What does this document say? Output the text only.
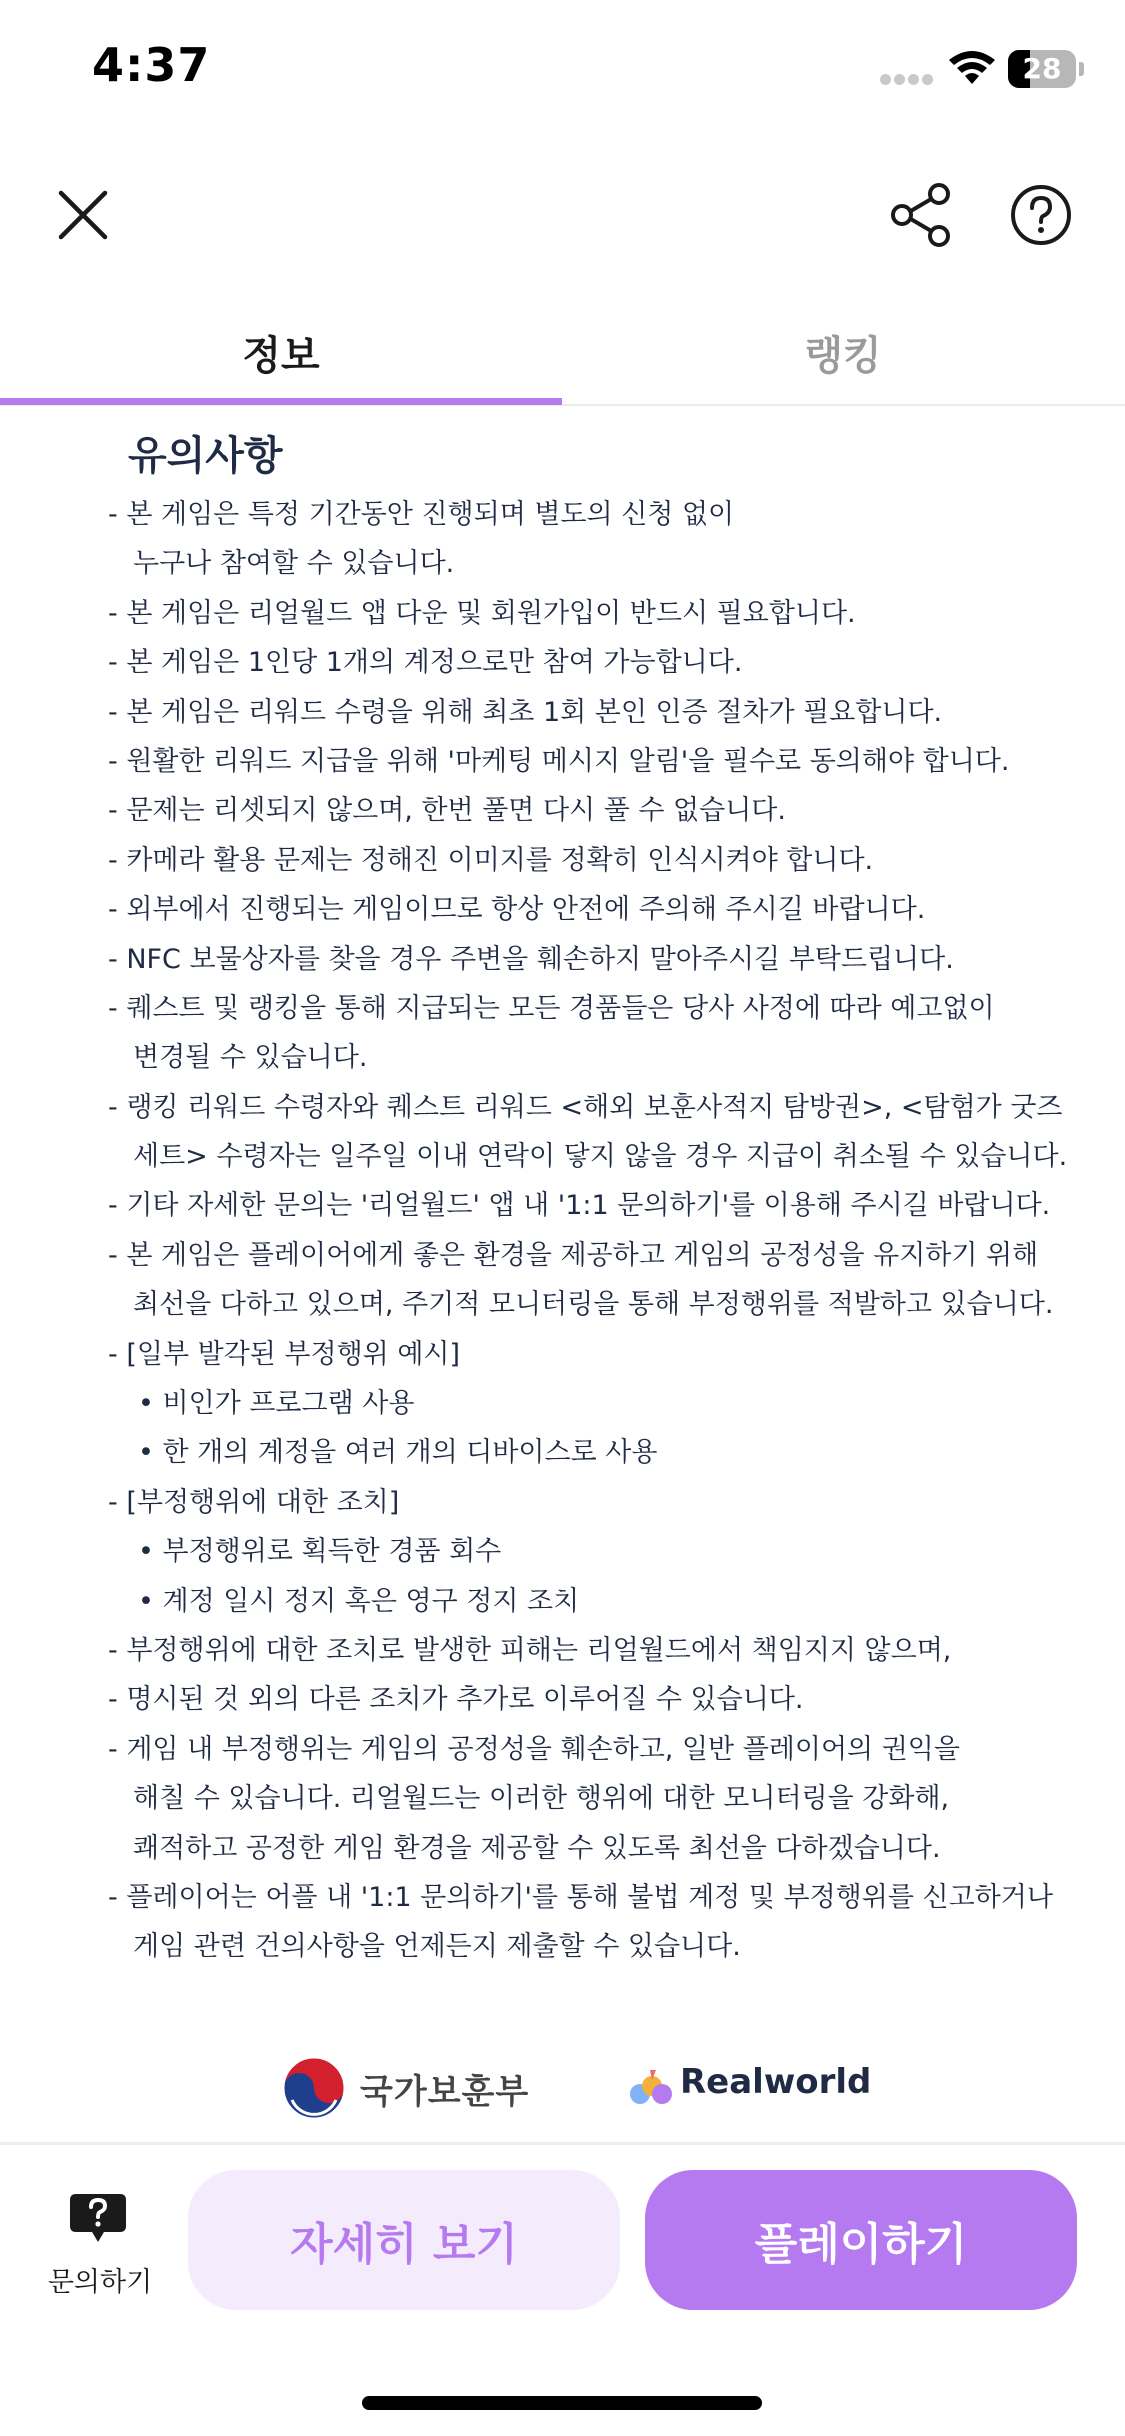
4:37	28
정보	랭킹
유의사항
- 본 게임은 특정 기간동안 진행되며 별도의 신청 없이
누구나 참여할 수 있습니다.
- 본 게임은 리얼월드 앱 다운 및 회원가입이 반드시 필요합니다.
- 본 게임은 1인당 1개의 계정으로만 참여 가능합니다.
- 본 게임은 리워드 수령을 위해 최초 1회 본인 인증 절차가 필요합니다.
- 원활한 리워드 지급을 위해 '마케팅 메시지 알림'을 필수로 동의해야 합니다.
- 문제는 리셋되지 않으며, 한번 풀면 다시 풀 수 없습니다.
- 카메라 활용 문제는 정해진 이미지를 정확히 인식시켜야 합니다.
- 외부에서 진행되는 게임이므로 항상 안전에 주의해 주시길 바랍니다.
- NFC 보물상자를 찾을 경우 주변을 훼손하지 말아주시길 부탁드립니다.
- 퀘스트 및 랭킹을 통해 지급되는 모든 경품들은 당사 사정에 따라 예고없이
변경될 수 있습니다.
- 랭킹 리워드 수령자와 퀘스트 리워드 <해외 보훈사적지 탐방권>, <탐험가 굿즈
세트> 수령자는 일주일 이내 연락이 닿지 않을 경우 지급이 취소될 수 있습니다.
- 기타 자세한 문의는 '리얼월드' 앱 내 '1:1 문의하기'를 이용해 주시길 바랍니다.
- 본 게임은 플레이어에게 좋은 환경을 제공하고 게임의 공정성을 유지하기 위해
최선을 다하고 있으며, 주기적 모니터링을 통해 부정행위를 적발하고 있습니다.
- [일부 발각된 부정행위 예시]
• 비인가 프로그램 사용
• 한 개의 계정을 여러 개의 디바이스로 사용
- [부정행위에 대한 조치]
• 부정행위로 획득한 경품 회수
• 계정 일시 정지 혹은 영구 정지 조치
- 부정행위에 대한 조치로 발생한 피해는 리얼월드에서 책임지지 않으며,
- 명시된 것 외의 다른 조치가 추가로 이루어질 수 있습니다.
- 게임 내 부정행위는 게임의 공정성을 훼손하고, 일반 플레이어의 권익을
해칠 수 있습니다. 리얼월드는 이러한 행위에 대한 모니터링을 강화해,
쾌적하고 공정한 게임 환경을 제공할 수 있도록 최선을 다하겠습니다.
- 플레이어는 어플 내 '1:1 문의하기'를 통해 불법 계정 및 부정행위를 신고하거나
게임 관련 건의사항을 언제든지 제출할 수 있습니다.
국가보훈부	Realworld
문의하기
자세히 보기	플레이하기
